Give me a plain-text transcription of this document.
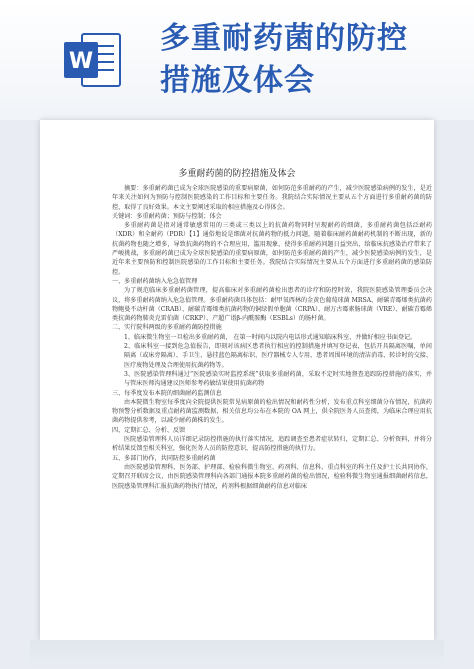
W
多重耐药菌的防控
措施及体会
多重耐药菌的防控措施及体会

摘要：多重耐药菌已成为全球医院感染的重要病原菌，如何防范多重耐药的产生，减少医院感染病例的发生，是近年来关注如何为预防与控制医院感染的工作目标和主要任务。我院结合实际情况主要从五个方面进行多重耐药菌的防控，取得了良好效果。本文主要阐述采取的相应措施及心得体会。

关键词：多重耐药菌；预防与控制；体会

多重耐药菌是指对通常敏感常用的三类或三类以上的抗菌药物同时呈现耐药的细菌，多重耐药菌包括泛耐药（XDR）和全耐药（PDR）【1】通俗地说是细菌对抗菌药物的抵力问题，随着临床耐药菌耐药机制的不断出现，新的抗菌药物也随之增多，导致抗菌药物的不合理应用，滥用现象，使得多重耐药问题日益突出，给临床抗感染治疗带来了严峻挑战，多重耐药菌已成为全球医院感染的重要病原菌，如何防范多重耐药菌的产生，减少医院感染病例的发生，是近年来主要预防和控制医院感染的工作目标和主要任务。我院结合实际情况主要从五个方面进行多重耐药菌的感染防控。

一、多重耐药菌纳入危急值管理

为了规范临床多重耐药菌管理，提高临床对多重耐药菌检出患者的诊疗和防控时效，我院医院感染管理委员会决议，将多重耐药菌纳入危急值管理。多重耐药菌具体包括：耐甲氧西林的金黄色葡萄球菌 MRSA、耐碳青霉烯类抗菌药物鲍曼不动杆菌（CRAB）、耐碳青霉烯类抗菌药物的铜绿假单胞菌（CRPA）、耐万古霉素肠球菌（VRE）、耐碳青霉烯类抗菌药物肺炎克雷伯菌（CRKP）、产超广谱β-内酰胺酶（ESBLs）的肠杆菌。

二、实行院科两级的多重耐药菌防控措施

1、临床微生物室一旦检出多重耐药菌， 在第一时间内以院内电话形式通知临床科室，并做好相应书面登记。

2、临床科室一接到危急值报告，即刻对该病区患者执行相应的控制措施并填写登记表，包括开具隔离医嘱，单间隔离（或床旁隔离）、手卫生、悬挂蓝色隔离标识、医疗器械专人专用、患者周围环境的清洁消毒、转诊时的交接、医疗废物处理及合理使用抗菌药物等。

3、医院感染管理科通过“医院感染实时监控系统”获取多重耐药菌，采取不定时实地督查追踪防控措施的落实，并与管床医师沟通建议医师参考药敏结果使用抗菌药物

三、每季度发布本院的细菌耐药监测信息

由本院微生物室每季度向全院提供医院常见病原菌的检出情况和耐药性分析，发布重点科室细菌分布情况，抗菌药物预警分析数据及重点耐药菌监测数据，相关信息均公布在本院的 OA 网上，供全院医务人员查阅，为临床合理应用抗菌药物提供参考，以减少耐药菌株的发生。

四、定期汇总、分析、反馈

医院感染管理科人员详细记录防控措施的执行落实情况，追踪调查至患者症状转归，定期汇总、分析资料，并将分析结果反馈至相关科室，强化医务人员的防控意识，提高防控措施的执行力。

五、多部门协作，共同防控多重耐药菌

由医院感染管理科、医务部、护理部、检验科微生物室、药剂科、信息科、重点科室的科主任及护士长共同协作，定期召开联席会议，由医院感染管理科向各部门通报本院多重耐药菌的检出情况，检验科微生物室通报细菌耐药信息，医院感染管理科汇报抗菌药物执行情况，药剂科根据细菌耐药信息对临床
